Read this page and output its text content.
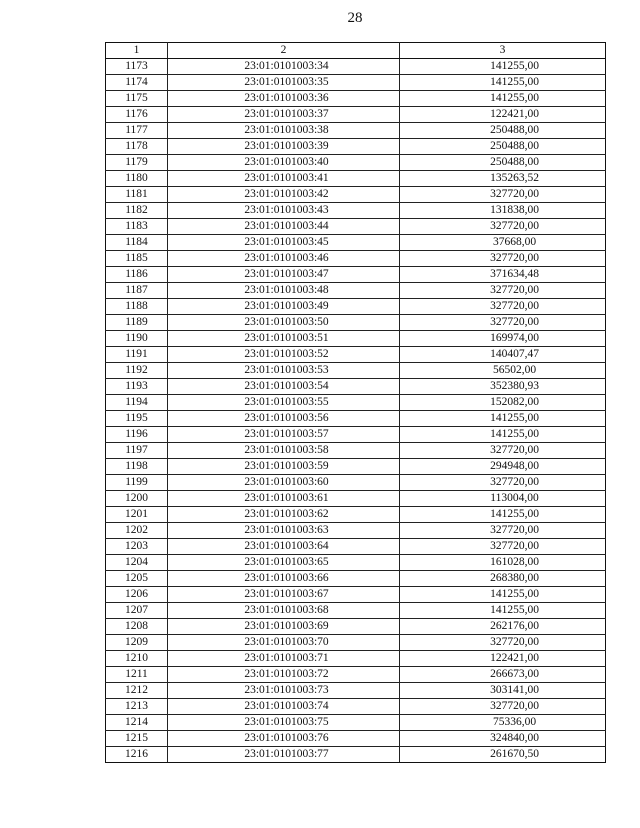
28
1	2	3
1173	23:01:0101003:34	141255,00
1174	23:01:0101003:35	141255,00
1175	23:01:0101003:36	141255,00
1176	23:01:0101003:37	122421,00
1177	23:01:0101003:38	250488,00
1178	23:01:0101003:39	250488,00
1179	23:01:0101003:40	250488,00
1180	23:01:0101003:41	135263,52
1181	23:01:0101003:42	327720,00
1182	23:01:0101003:43	131838,00
1183	23:01:0101003:44	327720,00
1184	23:01:0101003:45	37668,00
1185	23:01:0101003:46	327720,00
1186	23:01:0101003:47	371634,48
1187	23:01:0101003:48	327720,00
1188	23:01:0101003:49	327720,00
1189	23:01:0101003:50	327720,00
1190	23:01:0101003:51	169974,00
1191	23:01:0101003:52	140407,47
1192	23:01:0101003:53	56502,00
1193	23:01:0101003:54	352380,93
1194	23:01:0101003:55	152082,00
1195	23:01:0101003:56	141255,00
1196	23:01:0101003:57	141255,00
1197	23:01:0101003:58	327720,00
1198	23:01:0101003:59	294948,00
1199	23:01:0101003:60	327720,00
1200	23:01:0101003:61	113004,00
1201	23:01:0101003:62	141255,00
1202	23:01:0101003:63	327720,00
1203	23:01:0101003:64	327720,00
1204	23:01:0101003:65	161028,00
1205	23:01:0101003:66	268380,00
1206	23:01:0101003:67	141255,00
1207	23:01:0101003:68	141255,00
1208	23:01:0101003:69	262176,00
1209	23:01:0101003:70	327720,00
1210	23:01:0101003:71	122421,00
1211	23:01:0101003:72	266673,00
1212	23:01:0101003:73	303141,00
1213	23:01:0101003:74	327720,00
1214	23:01:0101003:75	75336,00
1215	23:01:0101003:76	324840,00
1216	23:01:0101003:77	261670,50
